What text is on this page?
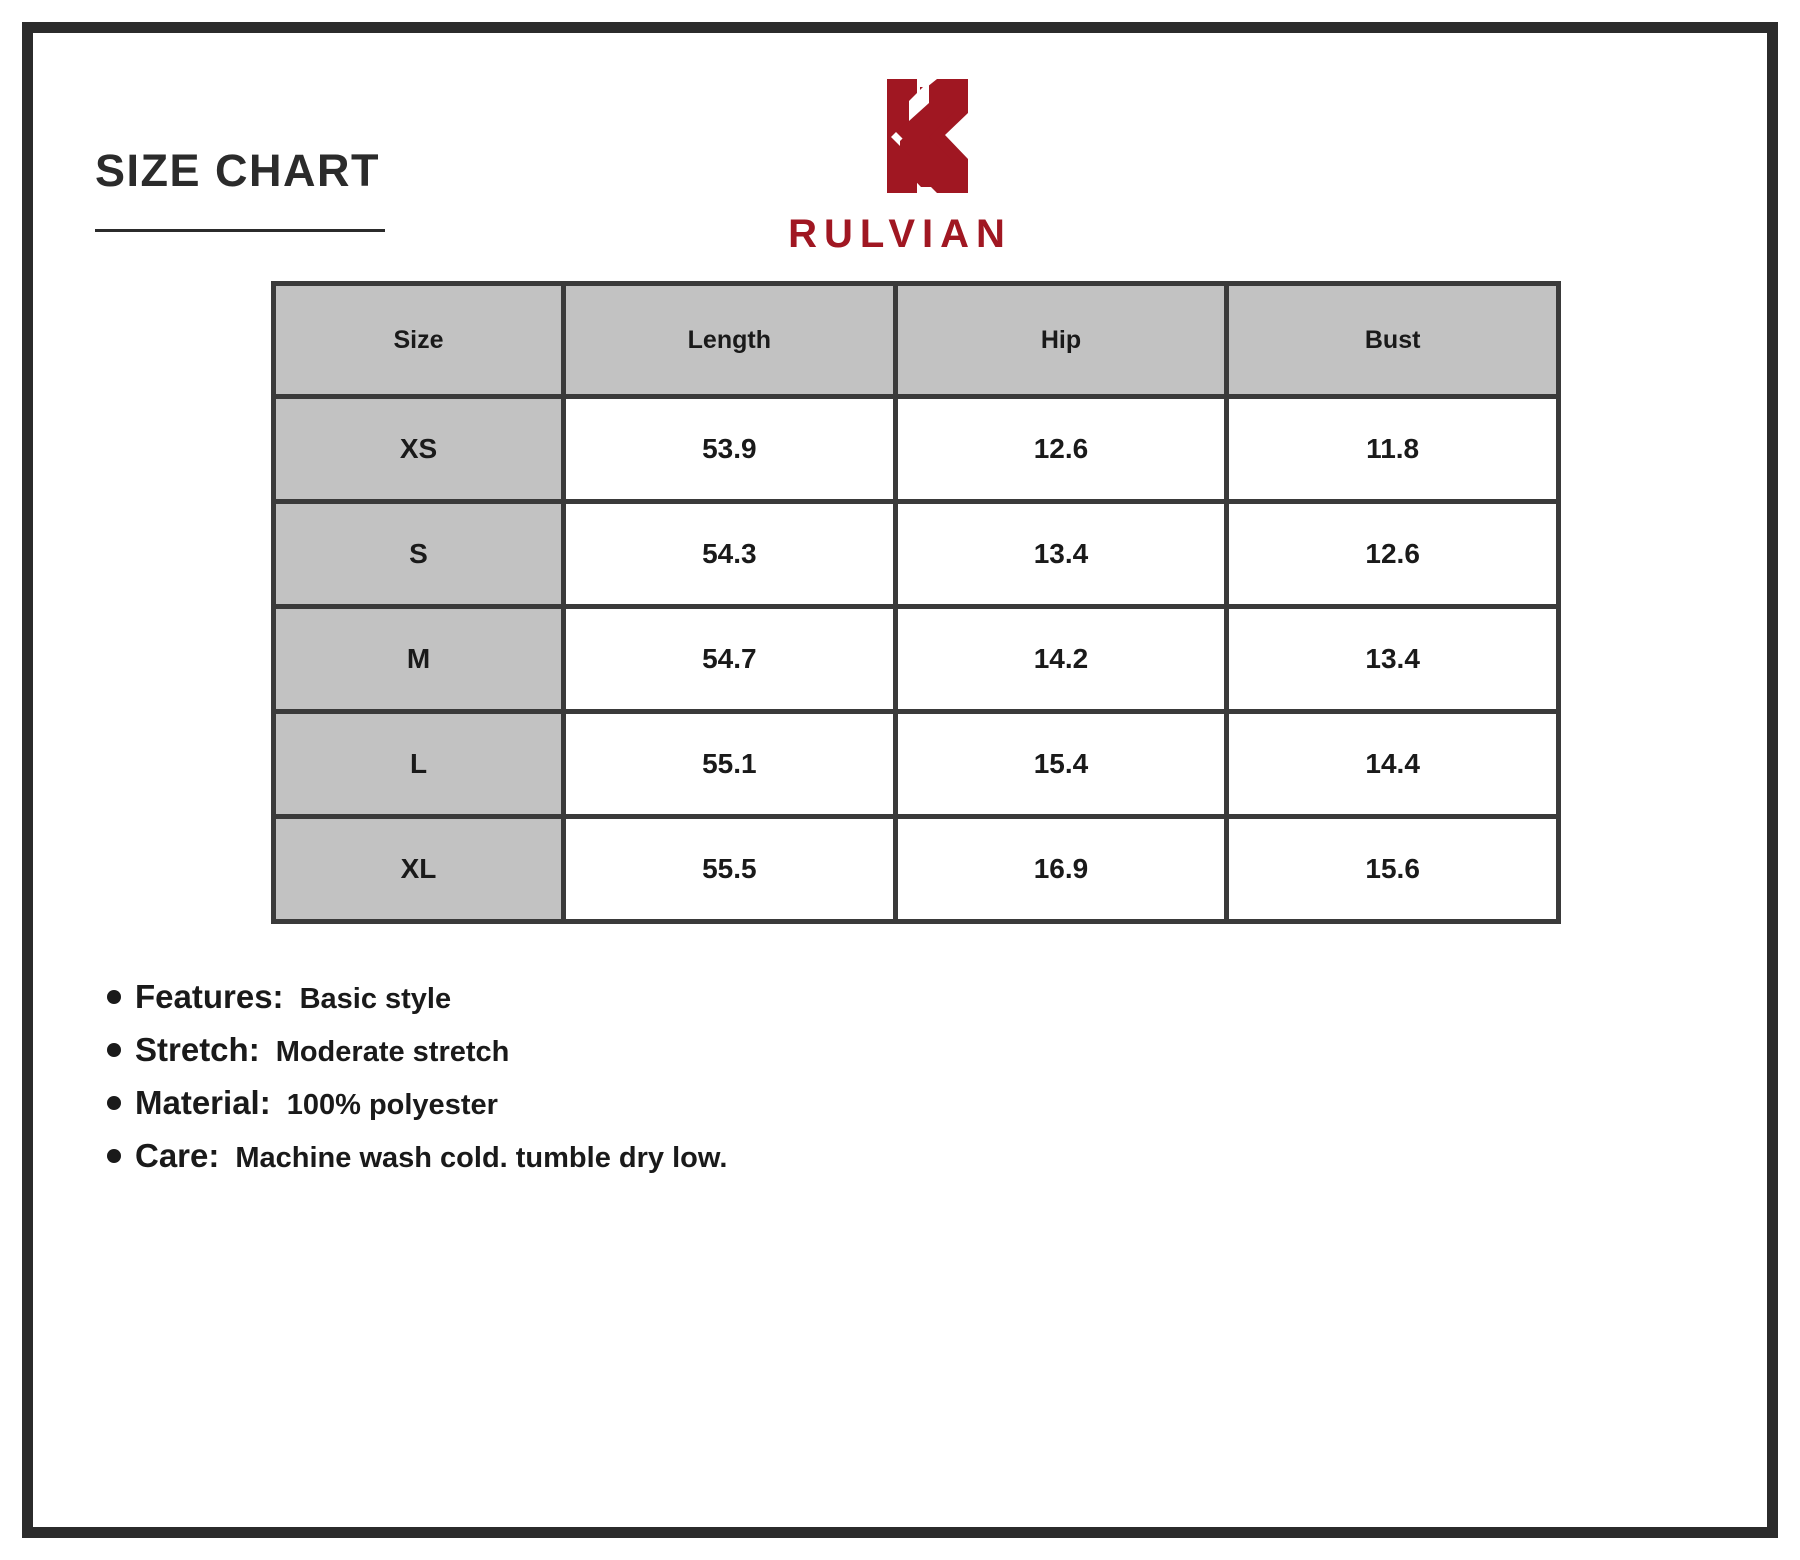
SIZE CHART
RULVIAN
Size	Length	Hip	Bust
XS	53.9	12.6	11.8
S	54.3	13.4	12.6
M	54.7	14.2	13.4
L	55.1	15.4	14.4
XL	55.5	16.9	15.6
Features: Basic style
Stretch: Moderate stretch
Material: 100% polyester
Care: Machine wash cold. tumble dry low.
